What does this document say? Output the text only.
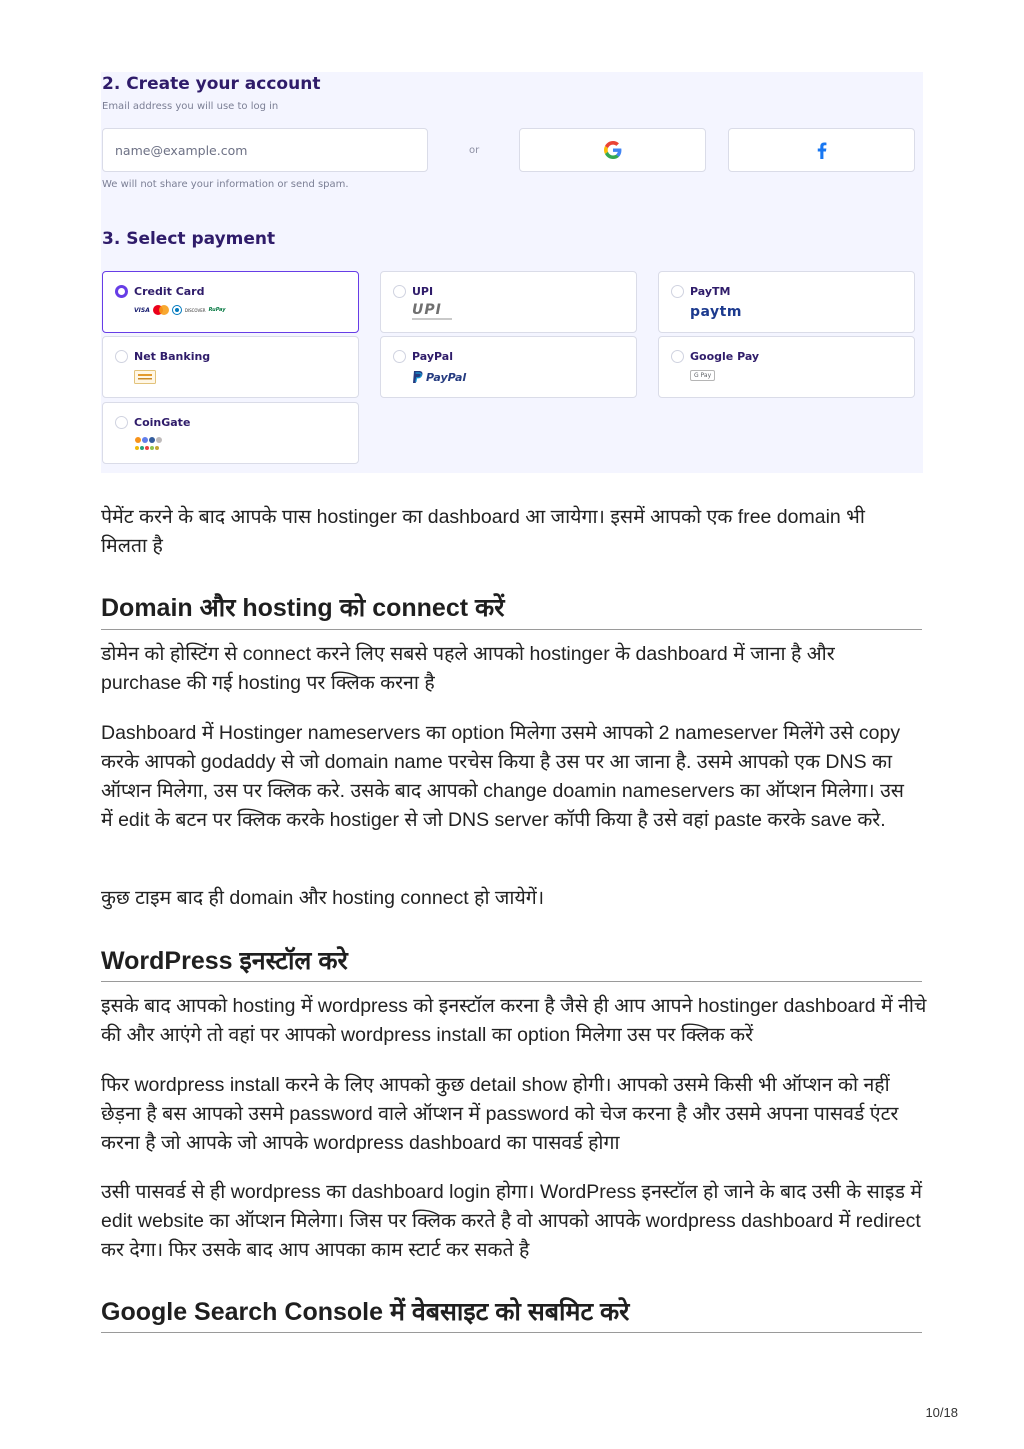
2. Create your account
Email address you will use to log in
name@example.com
or
We will not share your information or send spam.
3. Select payment
Credit Card
VISA	DISCOVER RuPay
UPI
UPI
PayTM
paytm
Net Banking	PayPal
PayPal
Google Pay
G Pay
CoinGate
पेमेंट करने के बाद आपके पास hostinger का dashboard आ जायेगा। इसमें आपको एक free domain भी मिलता है
Domain और hosting को connect करें
डोमेन को होस्टिंग से connect करने लिए सबसे पहले आपको hostinger के dashboard में जाना है और purchase की गई hosting पर क्लिक करना है
Dashboard में Hostinger nameservers का option मिलेगा उसमे आपको 2 nameserver मिलेंगे उसे copy करके आपको godaddy से जो domain name परचेस किया है उस पर आ जाना है. उसमे आपको एक DNS का ऑप्शन मिलेगा, उस पर क्लिक करे. उसके बाद आपको change doamin nameservers का ऑप्शन मिलेगा। उस में edit के बटन पर क्लिक करके hostiger से जो DNS server कॉपी किया है उसे वहां paste करके save करे.
कुछ टाइम बाद ही domain और hosting connect हो जायेगें।
WordPress इनस्टॉल करे
इसके बाद आपको hosting में wordpress को इनस्टॉल करना है जैसे ही आप आपने hostinger dashboard में नीचे की और आएंगे तो वहां पर आपको wordpress install का option मिलेगा उस पर क्लिक करें
फिर wordpress install करने के लिए आपको कुछ detail show होगी। आपको उसमे किसी भी ऑप्शन को नहीं छेड़ना है बस आपको उसमे password वाले ऑप्शन में password को चेज करना है और उसमे अपना पासवर्ड एंटर करना है जो आपके जो आपके wordpress dashboard का पासवर्ड होगा
उसी पासवर्ड से ही wordpress का dashboard login होगा। WordPress इनस्टॉल हो जाने के बाद उसी के साइड में edit website का ऑप्शन मिलेगा। जिस पर क्लिक करते है वो आपको आपके wordpress dashboard में redirect कर देगा। फिर उसके बाद आप आपका काम स्टार्ट कर सकते है
Google Search Console में वेबसाइट को सबमिट करे
10/18
